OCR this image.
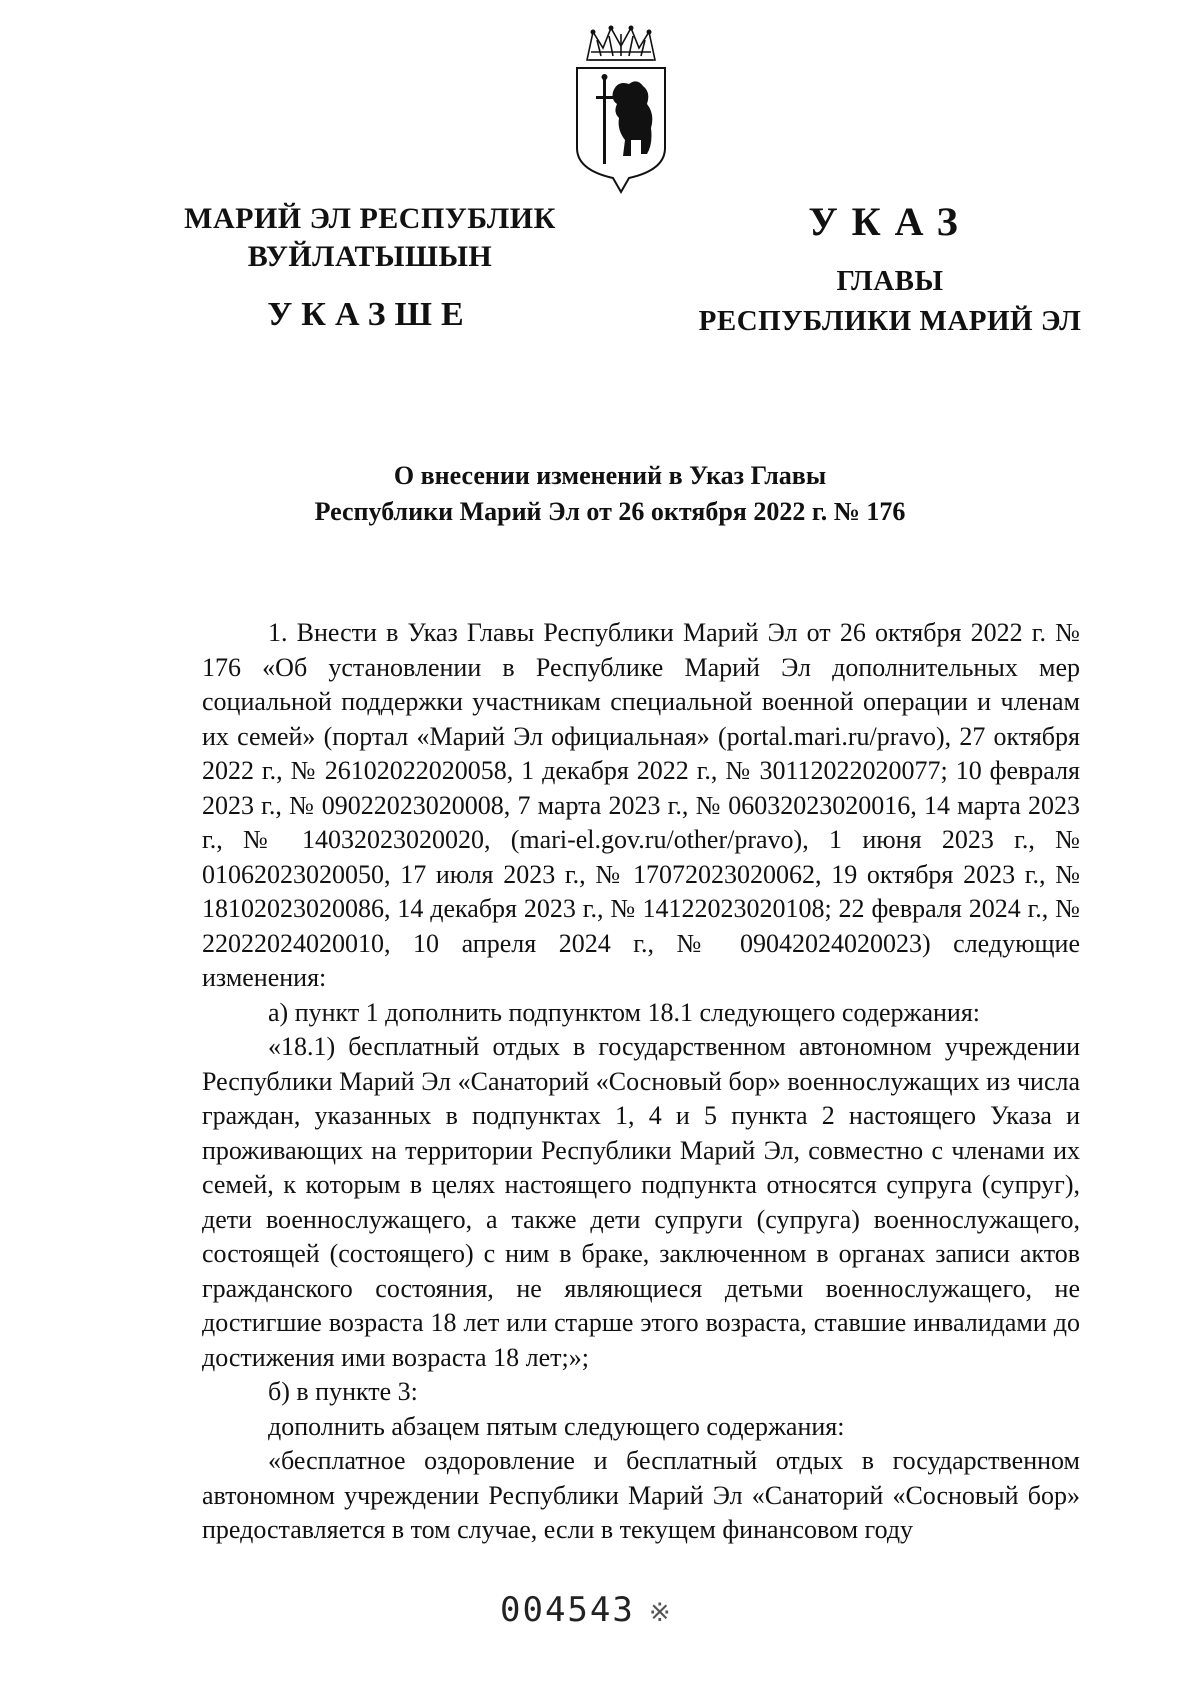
МАРИЙ ЭЛ РЕСПУБЛИК
ВУЙЛАТЫШЫН
УКАЗШЕ
УКАЗ
ГЛАВЫ
РЕСПУБЛИКИ МАРИЙ ЭЛ
О внесении изменений в Указ Главы
Республики Марий Эл от 26 октября 2022 г. № 176

1. Внести в Указ Главы Республики Марий Эл от 26 октября 2022 г. № 176 «Об установлении в Республике Марий Эл дополнительных мер социальной поддержки участникам специальной военной операции и членам их семей» (портал «Марий Эл официальная» (portal.mari.ru/pravo), 27 октября 2022 г., № 26102022020058, 1 декабря 2022 г., № 30112022020077; 10 февраля 2023 г., № 09022023020008, 7 марта 2023 г., № 06032023020016, 14 марта 2023 г., № 14032023020020, (mari-el.gov.ru/other/pravo), 1 июня 2023 г., № 01062023020050, 17 июля 2023 г., № 17072023020062, 19 октября 2023 г., № 18102023020086, 14 декабря 2023 г., № 14122023020108; 22 февраля 2024 г., № 22022024020010, 10 апреля 2024 г., № 09042024020023) следующие изменения:

а) пункт 1 дополнить подпунктом 18.1 следующего содержания:

«18.1) бесплатный отдых в государственном автономном учреждении Республики Марий Эл «Санаторий «Сосновый бор» военнослужащих из числа граждан, указанных в подпунктах 1, 4 и 5 пункта 2 настоящего Указа и проживающих на территории Республики Марий Эл, совместно с членами их семей, к которым в целях настоящего подпункта относятся супруга (супруг), дети военнослужащего, а также дети супруги (супруга) военнослужащего, состоящей (состоящего) с ним в браке, заключенном в органах записи актов гражданского состояния, не являющиеся детьми военнослужащего, не достигшие возраста 18 лет или старше этого возраста, ставшие инвалидами до достижения ими возраста 18 лет;»;

б) в пункте 3:

дополнить абзацем пятым следующего содержания:

«бесплатное оздоровление и бесплатный отдых в государственном автономном учреждении Республики Марий Эл «Санаторий «Сосновый бор» предоставляется в том случае, если в текущем финансовом году

004543 ※
